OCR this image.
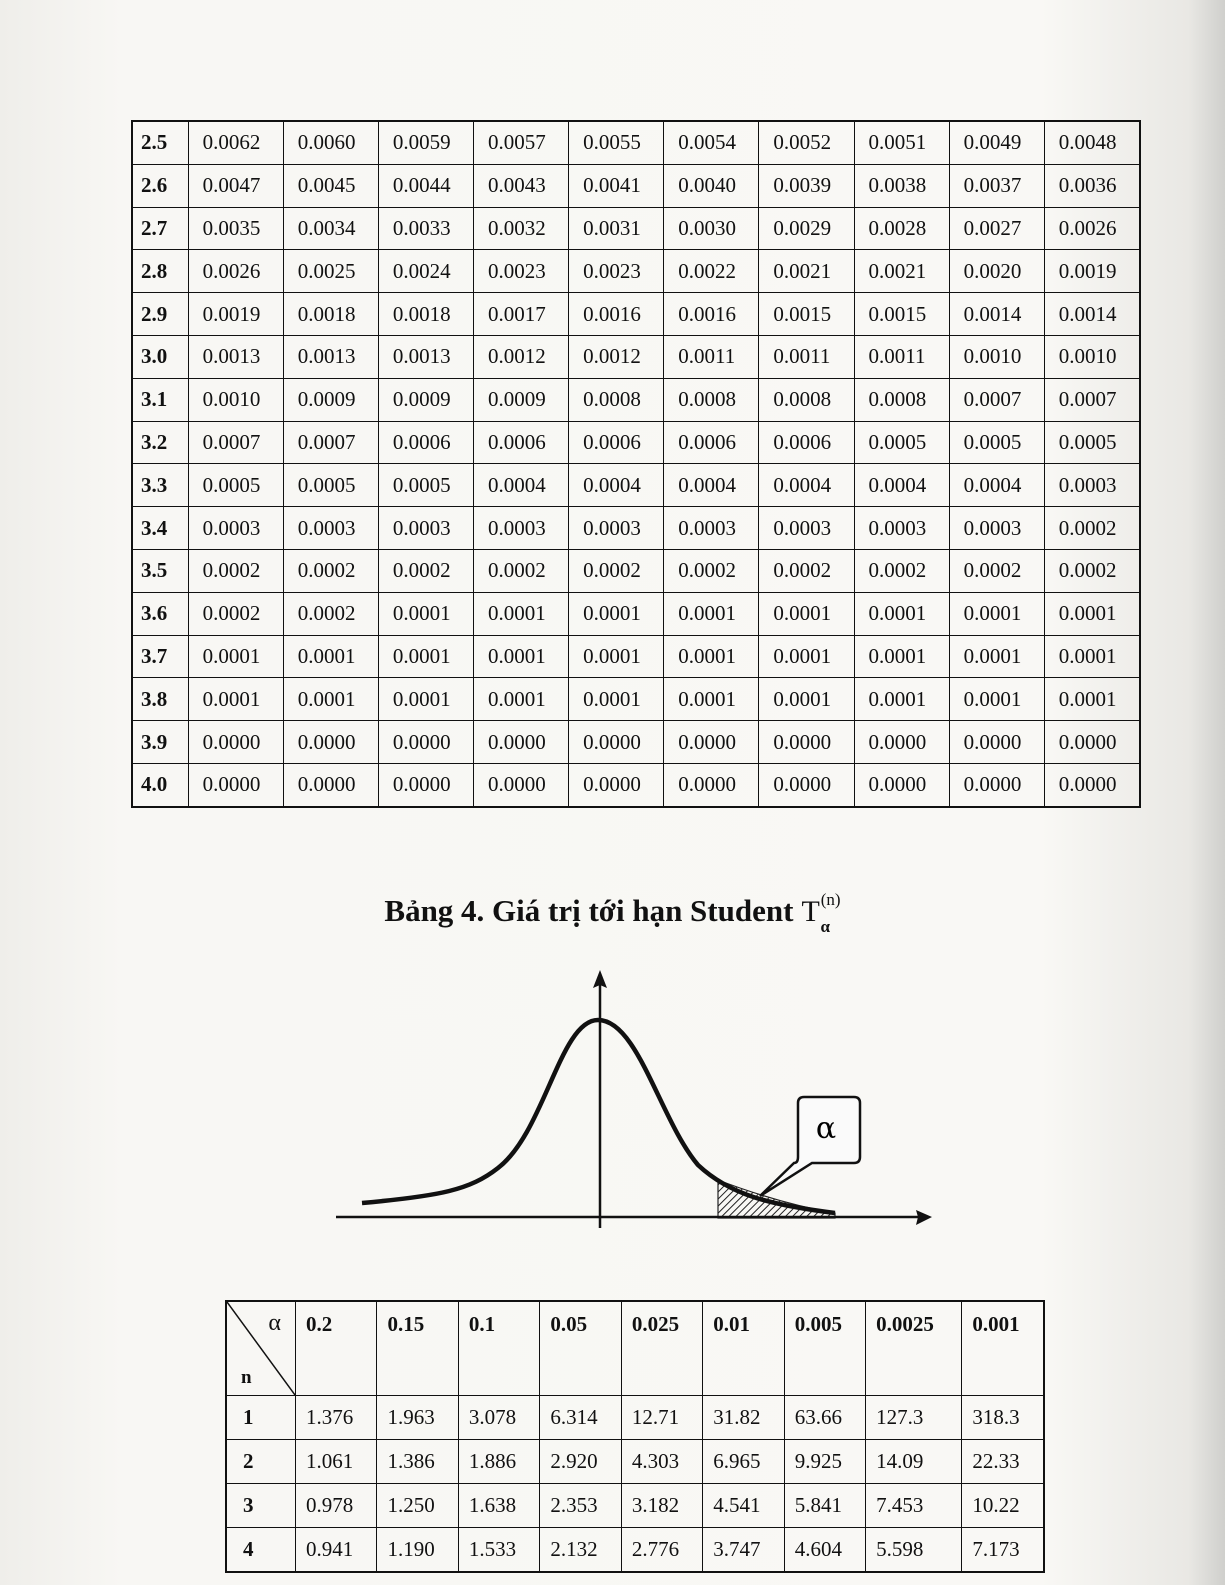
2.5	0.0062	0.0060	0.0059	0.0057	0.0055	0.0054	0.0052	0.0051	0.0049	0.0048
2.6	0.0047	0.0045	0.0044	0.0043	0.0041	0.0040	0.0039	0.0038	0.0037	0.0036
2.7	0.0035	0.0034	0.0033	0.0032	0.0031	0.0030	0.0029	0.0028	0.0027	0.0026
2.8	0.0026	0.0025	0.0024	0.0023	0.0023	0.0022	0.0021	0.0021	0.0020	0.0019
2.9	0.0019	0.0018	0.0018	0.0017	0.0016	0.0016	0.0015	0.0015	0.0014	0.0014
3.0	0.0013	0.0013	0.0013	0.0012	0.0012	0.0011	0.0011	0.0011	0.0010	0.0010
3.1	0.0010	0.0009	0.0009	0.0009	0.0008	0.0008	0.0008	0.0008	0.0007	0.0007
3.2	0.0007	0.0007	0.0006	0.0006	0.0006	0.0006	0.0006	0.0005	0.0005	0.0005
3.3	0.0005	0.0005	0.0005	0.0004	0.0004	0.0004	0.0004	0.0004	0.0004	0.0003
3.4	0.0003	0.0003	0.0003	0.0003	0.0003	0.0003	0.0003	0.0003	0.0003	0.0002
3.5	0.0002	0.0002	0.0002	0.0002	0.0002	0.0002	0.0002	0.0002	0.0002	0.0002
3.6	0.0002	0.0002	0.0001	0.0001	0.0001	0.0001	0.0001	0.0001	0.0001	0.0001
3.7	0.0001	0.0001	0.0001	0.0001	0.0001	0.0001	0.0001	0.0001	0.0001	0.0001
3.8	0.0001	0.0001	0.0001	0.0001	0.0001	0.0001	0.0001	0.0001	0.0001	0.0001
3.9	0.0000	0.0000	0.0000	0.0000	0.0000	0.0000	0.0000	0.0000	0.0000	0.0000
4.0	0.0000	0.0000	0.0000	0.0000	0.0000	0.0000	0.0000	0.0000	0.0000	0.0000
Bảng 4. Giá trị tới hạn Student T α
$^{(n)}$
α
α
n	0.2	0.15	0.1	0.05	0.025	0.01	0.005	0.0025	0.001
1	1.376	1.963	3.078	6.314	12.71	31.82	63.66	127.3	318.3
2	1.061	1.386	1.886	2.920	4.303	6.965	9.925	14.09	22.33
3	0.978	1.250	1.638	2.353	3.182	4.541	5.841	7.453	10.22
4	0.941	1.190	1.533	2.132	2.776	3.747	4.604	5.598	7.173
